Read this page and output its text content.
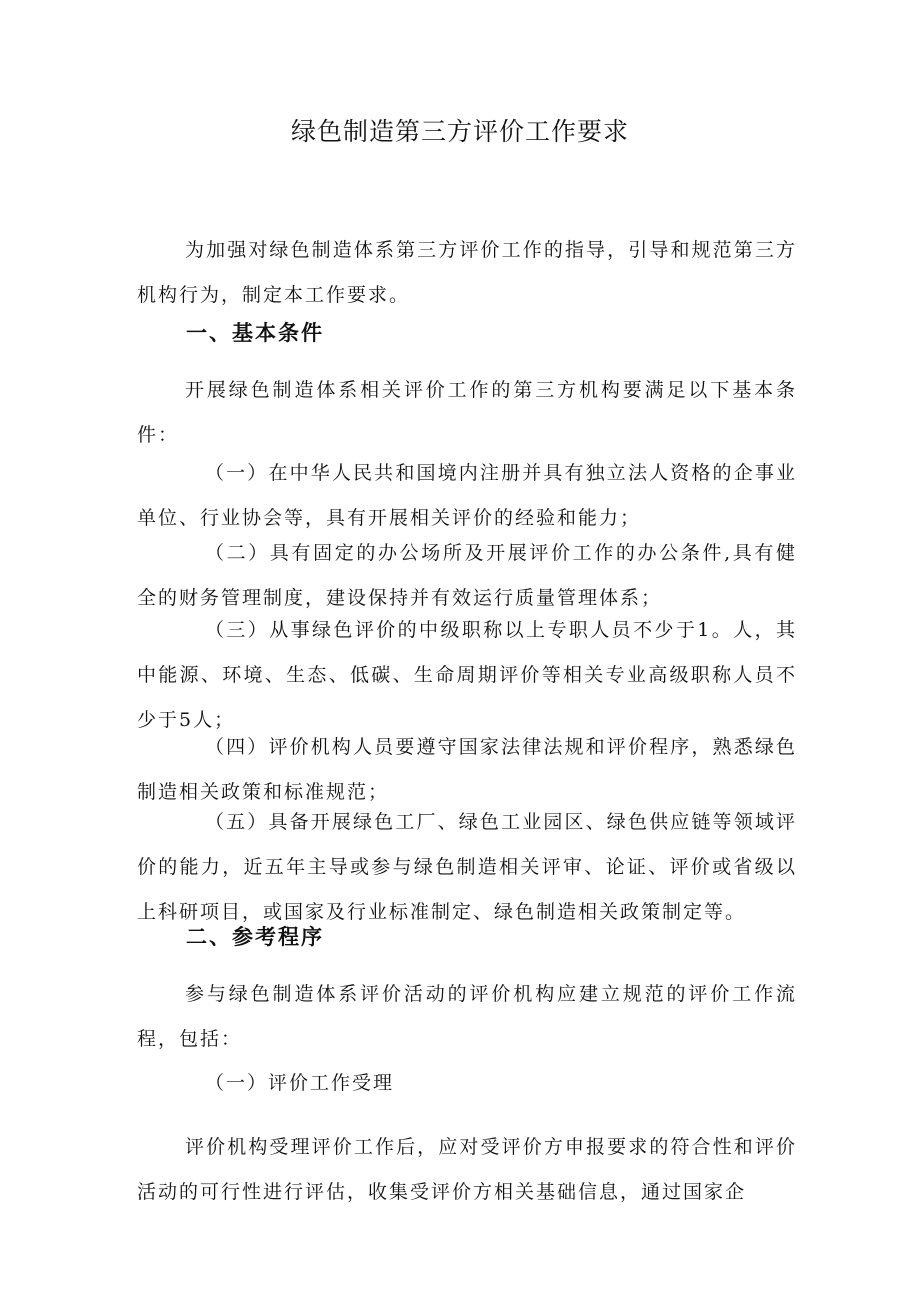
绿色制造第三方评价工作要求

为加强对绿色制造体系第三方评价工作的指导，引导和规范第三方机构行为，制定本工作要求。

一、基本条件

开展绿色制造体系相关评价工作的第三方机构要满足以下基本条件：

（一）在中华人民共和国境内注册并具有独立法人资格的企事业单位、行业协会等，具有开展相关评价的经验和能力；

（二）具有固定的办公场所及开展评价工作的办公条件,具有健全的财务管理制度，建设保持并有效运行质量管理体系；

（三）从事绿色评价的中级职称以上专职人员不少于1。人，其中能源、环境、生态、低碳、生命周期评价等相关专业高级职称人员不少于5人；

（四）评价机构人员要遵守国家法律法规和评价程序，熟悉绿色制造相关政策和标准规范；

（五）具备开展绿色工厂、绿色工业园区、绿色供应链等领域评价的能力，近五年主导或参与绿色制造相关评审、论证、评价或省级以上科研项目，或国家及行业标准制定、绿色制造相关政策制定等。

二、参考程序

参与绿色制造体系评价活动的评价机构应建立规范的评价工作流程，包括：

（一）评价工作受理

评价机构受理评价工作后，应对受评价方申报要求的符合性和评价活动的可行性进行评估，收集受评价方相关基础信息，通过国家企
